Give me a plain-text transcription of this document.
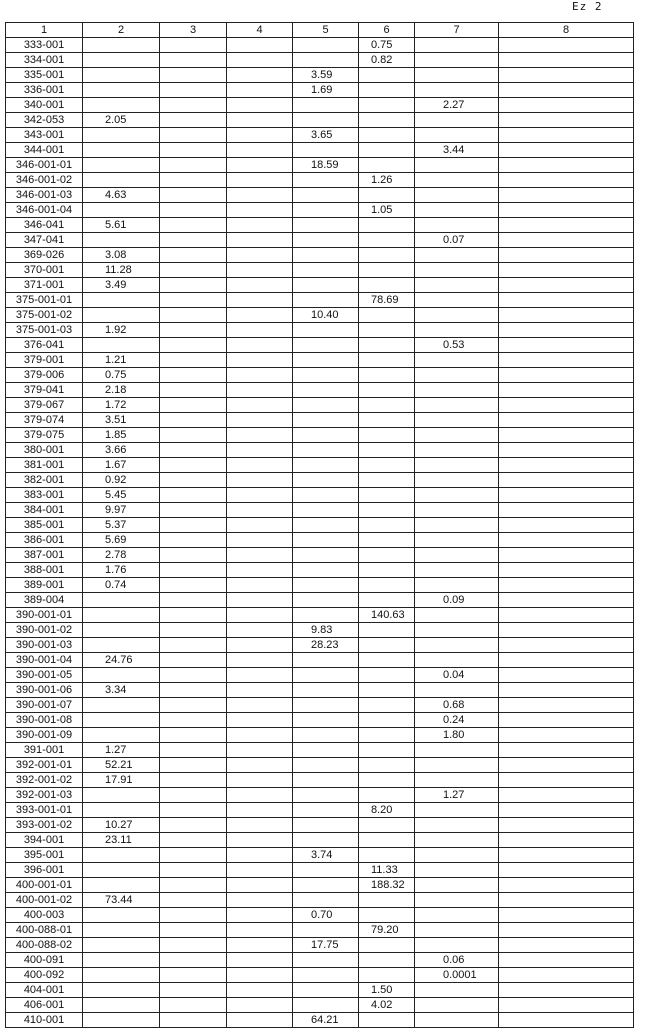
Ez 2
1	2	3	4	5	6	7	8
333-001					0.75		
334-001					0.82		
335-001				3.59			
336-001				1.69			
340-001						2.27	
342-053	2.05						
343-001				3.65			
344-001						3.44	
346-001-01				18.59			
346-001-02					1.26		
346-001-03	4.63						
346-001-04					1.05		
346-041	5.61						
347-041						0.07	
369-026	3.08						
370-001	11.28						
371-001	3.49						
375-001-01					78.69		
375-001-02				10.40			
375-001-03	1.92						
376-041						0.53	
379-001	1.21						
379-006	0.75						
379-041	2.18						
379-067	1.72						
379-074	3.51						
379-075	1.85						
380-001	3.66						
381-001	1.67						
382-001	0.92						
383-001	5.45						
384-001	9.97						
385-001	5.37						
386-001	5.69						
387-001	2.78						
388-001	1.76						
389-001	0.74						
389-004						0.09	
390-001-01					140.63		
390-001-02				9.83			
390-001-03				28.23			
390-001-04	24.76						
390-001-05						0.04	
390-001-06	3.34						
390-001-07						0.68	
390-001-08						0.24	
390-001-09						1.80	
391-001	1.27						
392-001-01	52.21						
392-001-02	17.91						
392-001-03						1.27	
393-001-01					8.20		
393-001-02	10.27						
394-001	23.11						
395-001				3.74			
396-001					11.33		
400-001-01					188.32		
400-001-02	73.44						
400-003				0.70			
400-088-01					79.20		
400-088-02				17.75			
400-091						0.06	
400-092						0.0001	
404-001					1.50		
406-001					4.02		
410-001				64.21			
